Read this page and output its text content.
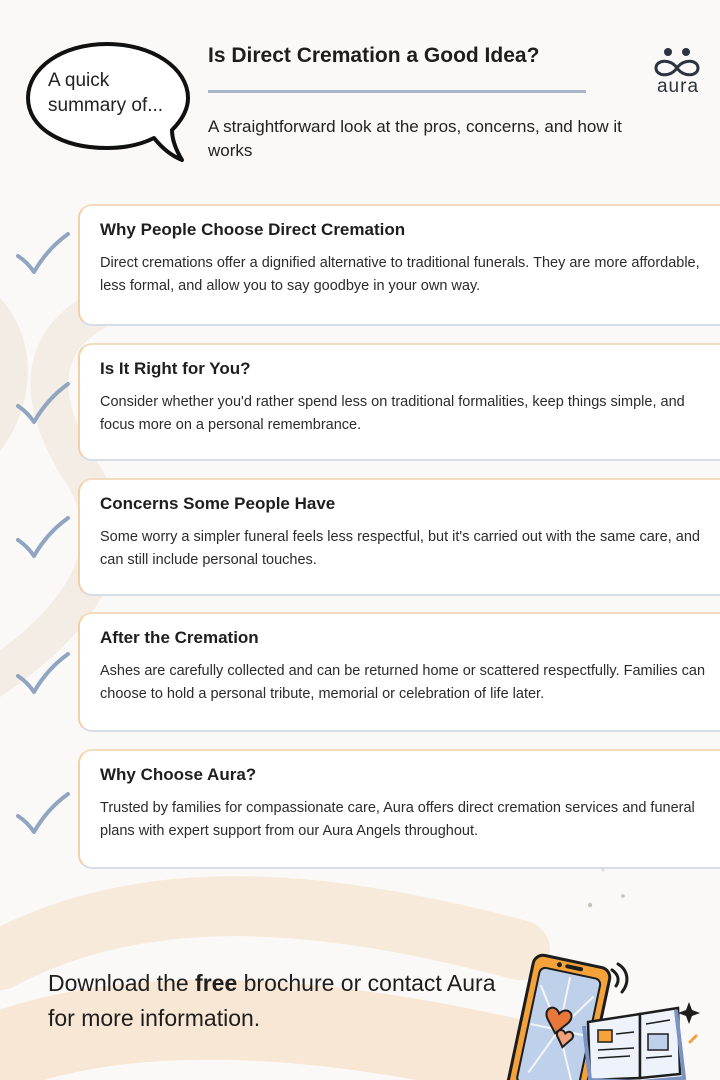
A quick summary of...
Is Direct Cremation a Good Idea?
A straightforward look at the pros, concerns, and how it works
aura
Why People Choose Direct Cremation

Direct cremations offer a dignified alternative to traditional funerals. They are more affordable, less formal, and allow you to say goodbye in your own way.

Is It Right for You?

Consider whether you'd rather spend less on traditional formalities, keep things simple, and focus more on a personal remembrance.

Concerns Some People Have

Some worry a simpler funeral feels less respectful, but it's carried out with the same care, and can still include personal touches.

After the Cremation

Ashes are carefully collected and can be returned home or scattered respectfully. Families can choose to hold a personal tribute, memorial or celebration of life later.

Why Choose Aura?

Trusted by families for compassionate care, Aura offers direct cremation services and funeral plans with expert support from our Aura Angels throughout.

Download the free brochure or contact Aura for more information.
